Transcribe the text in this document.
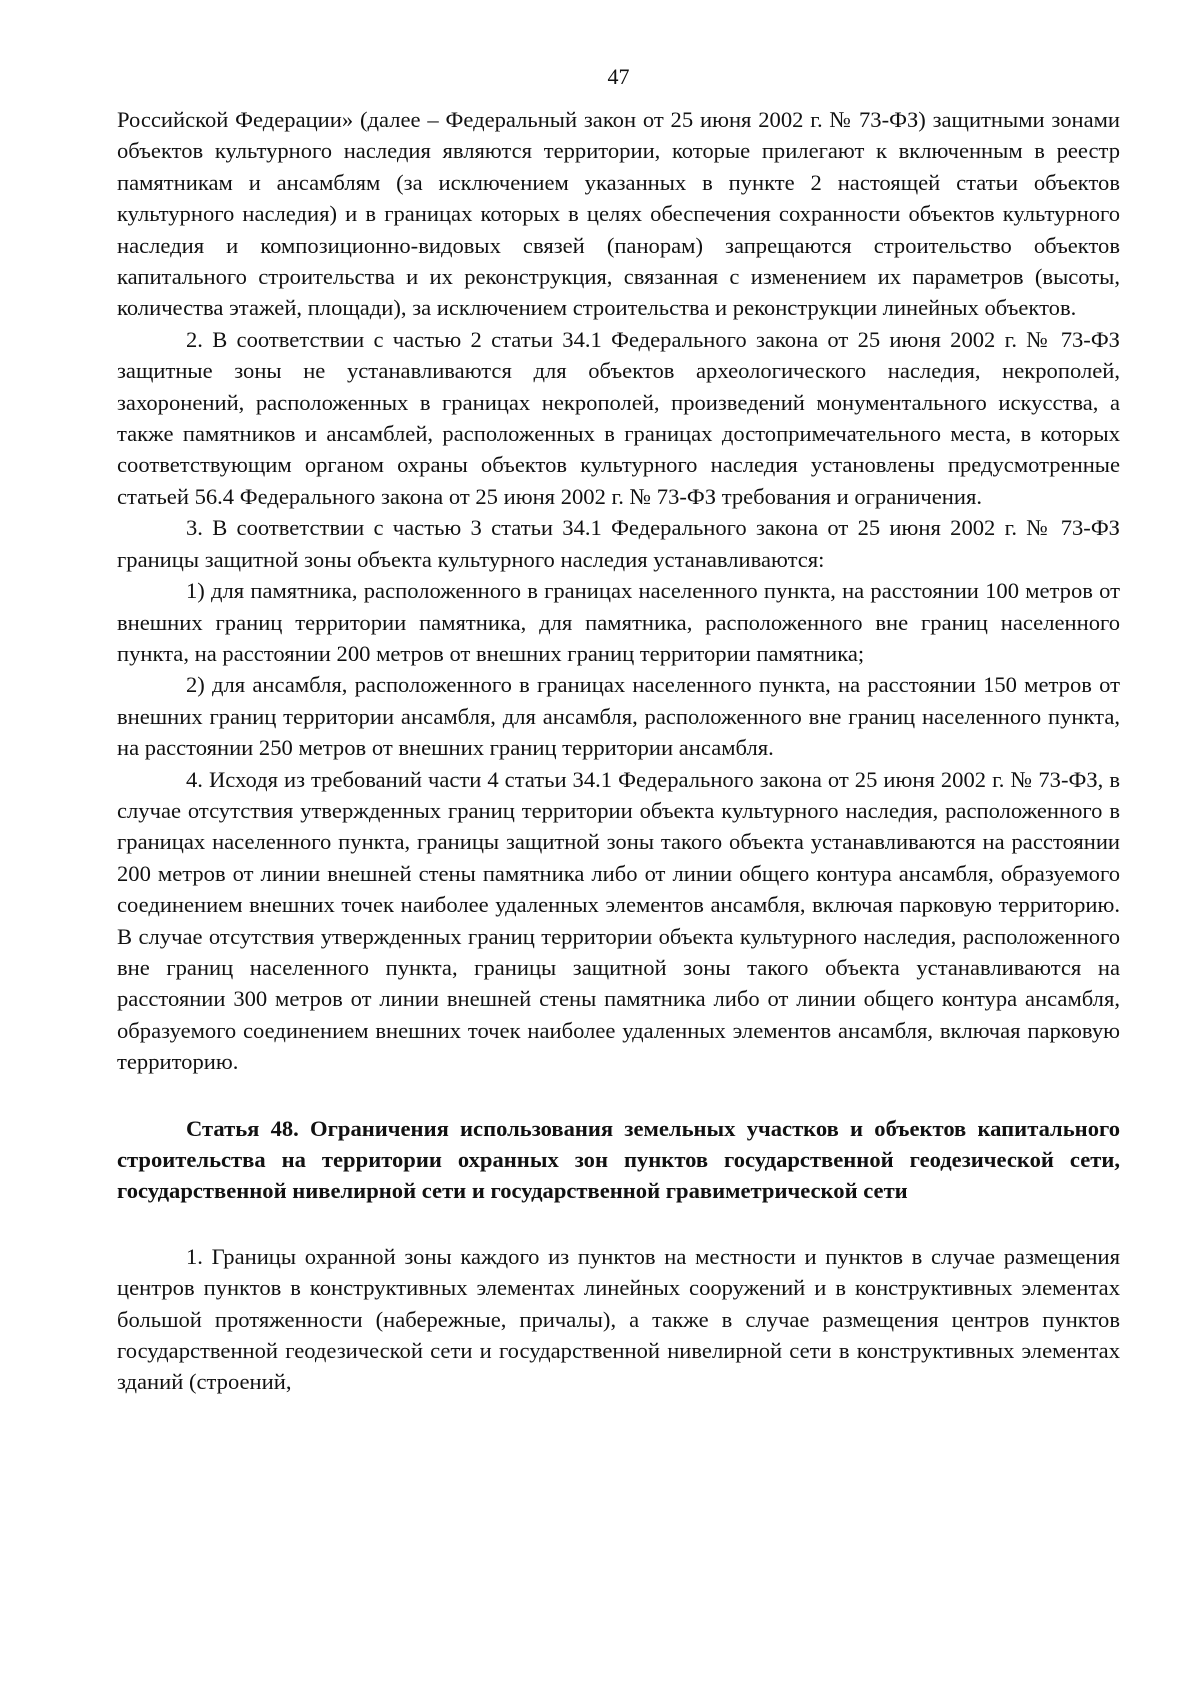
47

Российской Федерации» (далее – Федеральный закон от 25 июня 2002 г. № 73-ФЗ) защитными зонами объектов культурного наследия являются территории, которые прилегают к включенным в реестр памятникам и ансамблям (за исключением указанных в пункте 2 настоящей статьи объектов культурного наследия) и в границах которых в целях обеспечения сохранности объектов культурного наследия и композиционно-видовых связей (панорам) запрещаются строительство объектов капитального строительства и их реконструкция, связанная с изменением их параметров (высоты, количества этажей, площади), за исключением строительства и реконструкции линейных объектов.

2. В соответствии с частью 2 статьи 34.1 Федерального закона от 25 июня 2002 г. № 73-ФЗ защитные зоны не устанавливаются для объектов археологического наследия, некрополей, захоронений, расположенных в границах некрополей, произведений монументального искусства, а также памятников и ансамблей, расположенных в границах достопримечательного места, в которых соответствующим органом охраны объектов культурного наследия установлены предусмотренные статьей 56.4 Федерального закона от 25 июня 2002 г. № 73-ФЗ требования и ограничения.

3. В соответствии с частью 3 статьи 34.1 Федерального закона от 25 июня 2002 г. № 73-ФЗ границы защитной зоны объекта культурного наследия устанавливаются:

1) для памятника, расположенного в границах населенного пункта, на расстоянии 100 метров от внешних границ территории памятника, для памятника, расположенного вне границ населенного пункта, на расстоянии 200 метров от внешних границ территории памятника;

2) для ансамбля, расположенного в границах населенного пункта, на расстоянии 150 метров от внешних границ территории ансамбля, для ансамбля, расположенного вне границ населенного пункта, на расстоянии 250 метров от внешних границ территории ансамбля.

4. Исходя из требований части 4 статьи 34.1 Федерального закона от 25 июня 2002 г. № 73-ФЗ, в случае отсутствия утвержденных границ территории объекта культурного наследия, расположенного в границах населенного пункта, границы защитной зоны такого объекта устанавливаются на расстоянии 200 метров от линии внешней стены памятника либо от линии общего контура ансамбля, образуемого соединением внешних точек наиболее удаленных элементов ансамбля, включая парковую территорию. В случае отсутствия утвержденных границ территории объекта культурного наследия, расположенного вне границ населенного пункта, границы защитной зоны такого объекта устанавливаются на расстоянии 300 метров от линии внешней стены памятника либо от линии общего контура ансамбля, образуемого соединением внешних точек наиболее удаленных элементов ансамбля, включая парковую территорию.

Статья 48. Ограничения использования земельных участков и объектов капитального строительства на территории охранных зон пунктов государственной геодезической сети, государственной нивелирной сети и государственной гравиметрической сети

1. Границы охранной зоны каждого из пунктов на местности и пунктов в случае размещения центров пунктов в конструктивных элементах линейных сооружений и в конструктивных элементах большой протяженности (набережные, причалы), а также в случае размещения центров пунктов государственной геодезической сети и государственной нивелирной сети в конструктивных элементах зданий (строений,
